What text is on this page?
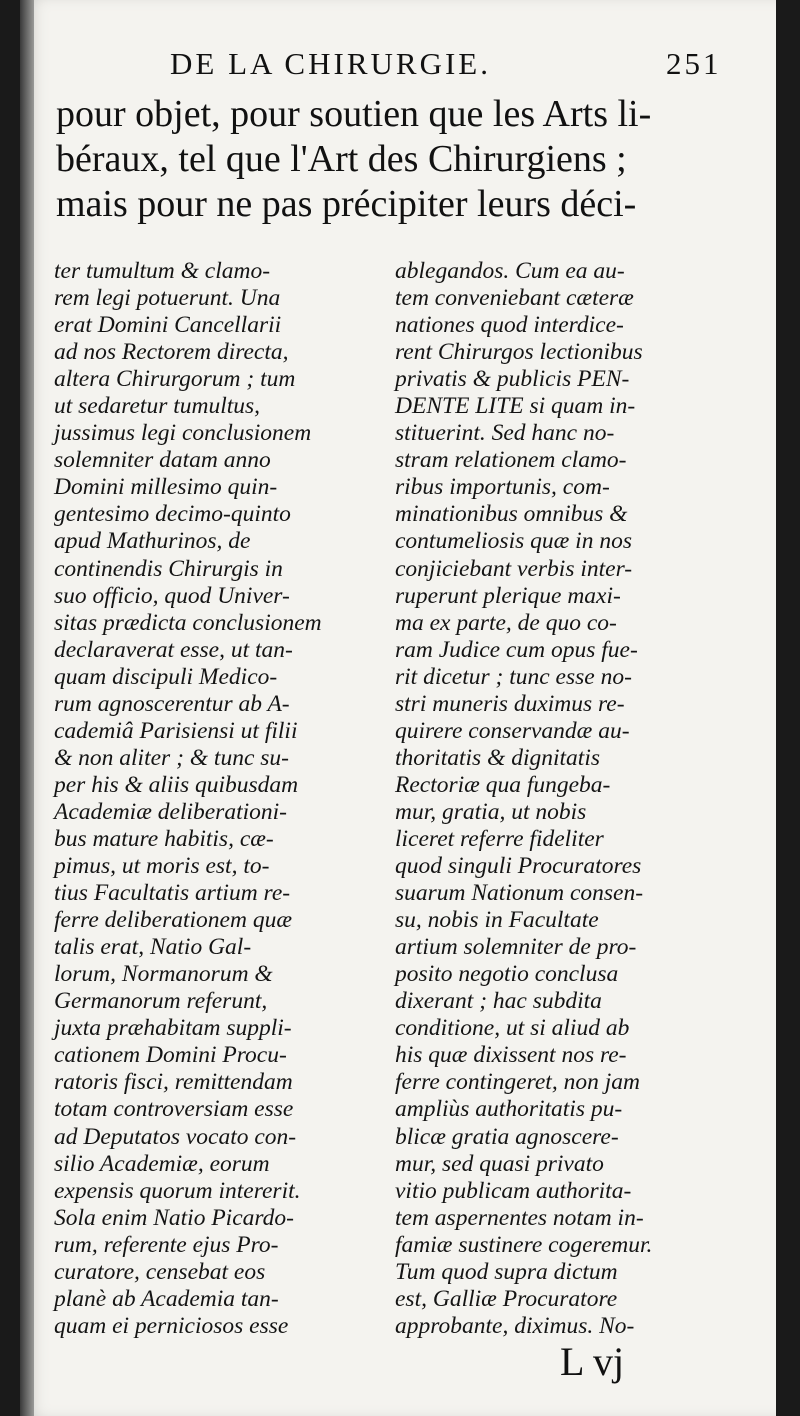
DE LA CHIRURGIE.	251
pour objet, pour soutien que les Arts li-
béraux, tel que l'Art des Chirurgiens ;
mais pour ne pas précipiter leurs déci-
ter tumultum & clamo-
rem legi potuerunt. Una
erat Domini Cancellarii
ad nos Rectorem directa,
altera Chirurgorum ; tum
ut sedaretur tumultus,
jussimus legi conclusionem
solemniter datam anno
Domini millesimo quin-
gentesimo decimo-quinto
apud Mathurinos, de
continendis Chirurgis in
suo officio, quod Univer-
sitas prædicta conclusionem
declaraverat esse, ut tan-
quam discipuli Medico-
rum agnoscerentur ab A-
cademiâ Parisiensi ut filii
& non aliter ; & tunc su-
per his & aliis quibusdam
Academiæ deliberationi-
bus mature habitis, cæ-
pimus, ut moris est, to-
tius Facultatis artium re-
ferre deliberationem quæ
talis erat, Natio Gal-
lorum, Normanorum &
Germanorum referunt,
juxta præhabitam suppli-
cationem Domini Procu-
ratoris fisci, remittendam
totam controversiam esse
ad Deputatos vocato con-
silio Academiæ, eorum
expensis quorum intererit.
Sola enim Natio Picardo-
rum, referente ejus Pro-
curatore, censebat eos
planè ab Academia tan-
quam ei perniciosos esse
ablegandos. Cum ea au-
tem conveniebant cæteræ
nationes quod interdice-
rent Chirurgos lectionibus
privatis & publicis PEN-
DENTE LITE si quam in-
stituerint. Sed hanc no-
stram relationem clamo-
ribus importunis, com-
minationibus omnibus &
contumeliosis quæ in nos
conjiciebant verbis inter-
ruperunt plerique maxi-
ma ex parte, de quo co-
ram Judice cum opus fue-
rit dicetur ; tunc esse no-
stri muneris duximus re-
quirere conservandæ au-
thoritatis & dignitatis
Rectoriæ qua fungeba-
mur, gratia, ut nobis
liceret referre fideliter
quod singuli Procuratores
suarum Nationum consen-
su, nobis in Facultate
artium solemniter de pro-
posito negotio conclusa
dixerant ; hac subdita
conditione, ut si aliud ab
his quæ dixissent nos re-
ferre contingeret, non jam
ampliùs authoritatis pu-
blicæ gratia agnoscere-
mur, sed quasi privato
vitio publicam authorita-
tem aspernentes notam in-
famiæ sustinere cogeremur.
Tum quod supra dictum
est, Galliæ Procuratore
approbante, diximus. No-
L vj
